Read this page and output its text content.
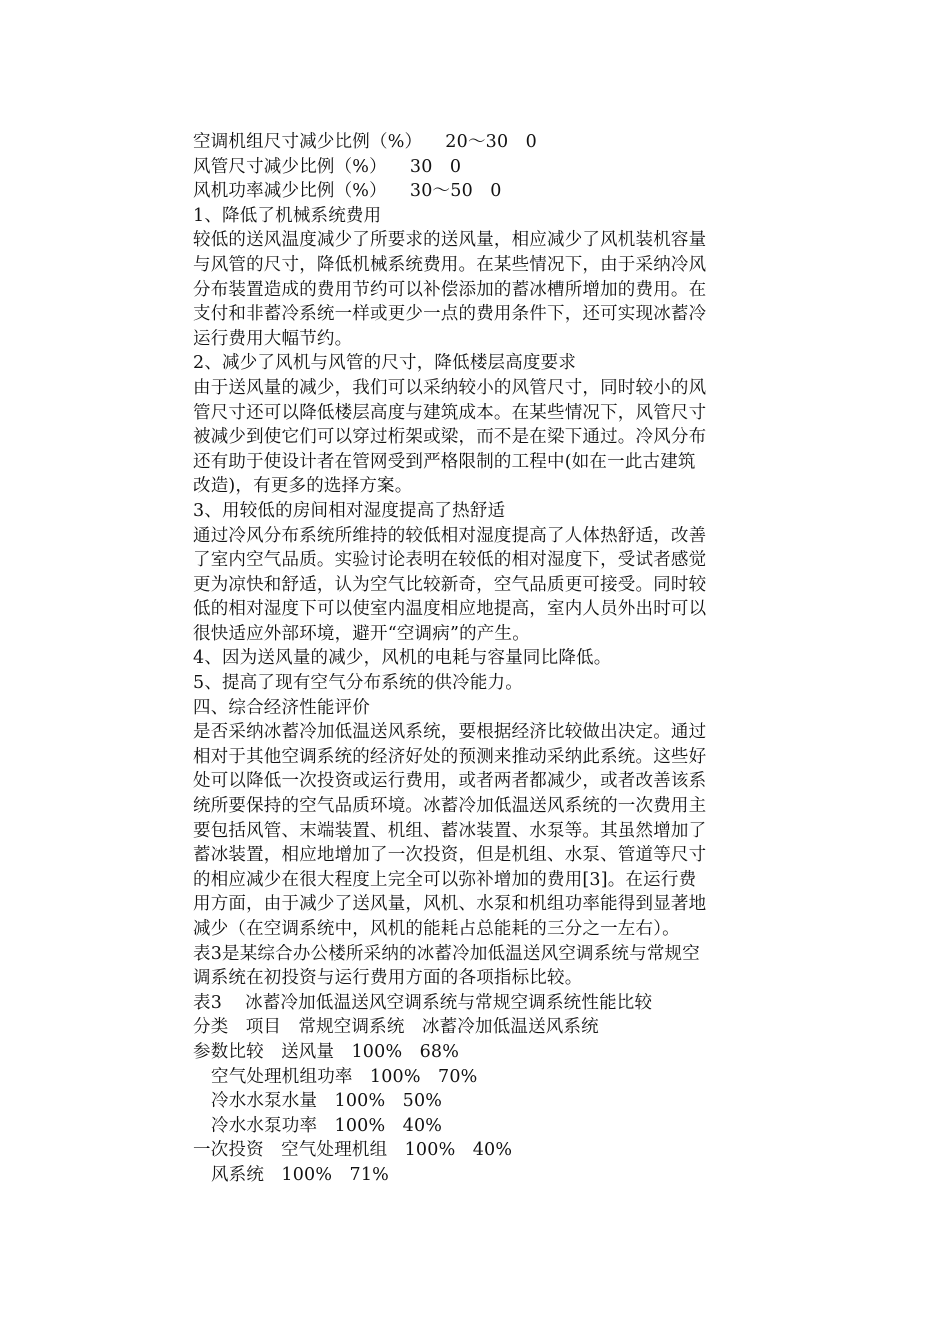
空调机组尺寸减少比例（%）    20～30   0
风管尺寸减少比例（%）    30   0
风机功率减少比例（%）    30～50   0
1、降低了机械系统费用
较低的送风温度减少了所要求的送风量，相应减少了风机装机容量
与风管的尺寸，降低机械系统费用。在某些情况下，由于采纳冷风
分布装置造成的费用节约可以补偿添加的蓄冰槽所增加的费用。在
支付和非蓄冷系统一样或更少一点的费用条件下，还可实现冰蓄冷
运行费用大幅节约。
2、减少了风机与风管的尺寸，降低楼层高度要求
由于送风量的减少，我们可以采纳较小的风管尺寸，同时较小的风
管尺寸还可以降低楼层高度与建筑成本。在某些情况下，风管尺寸
被减少到使它们可以穿过桁架或梁，而不是在梁下通过。冷风分布
还有助于使设计者在管网受到严格限制的工程中(如在一此古建筑
改造)，有更多的选择方案。
3、用较低的房间相对湿度提高了热舒适
通过冷风分布系统所维持的较低相对湿度提高了人体热舒适，改善
了室内空气品质。实验讨论表明在较低的相对湿度下，受试者感觉
更为凉快和舒适，认为空气比较新奇，空气品质更可接受。同时较
低的相对湿度下可以使室内温度相应地提高，室内人员外出时可以
很快适应外部环境，避开“空调病”的产生。
4、因为送风量的减少，风机的电耗与容量同比降低。
5、提高了现有空气分布系统的供冷能力。
四、综合经济性能评价
是否采纳冰蓄冷加低温送风系统，要根据经济比较做出决定。通过
相对于其他空调系统的经济好处的预测来推动采纳此系统。这些好
处可以降低一次投资或运行费用，或者两者都减少，或者改善该系
统所要保持的空气品质环境。冰蓄冷加低温送风系统的一次费用主
要包括风管、末端装置、机组、蓄冰装置、水泵等。其虽然增加了
蓄冰装置，相应地增加了一次投资，但是机组、水泵、管道等尺寸
的相应减少在很大程度上完全可以弥补增加的费用[3]。在运行费
用方面，由于减少了送风量，风机、水泵和机组功率能得到显著地
减少（在空调系统中，风机的能耗占总能耗的三分之一左右）。
表3是某综合办公楼所采纳的冰蓄冷加低温送风空调系统与常规空
调系统在初投资与运行费用方面的各项指标比较。
表3    冰蓄冷加低温送风空调系统与常规空调系统性能比较
分类   项目   常规空调系统   冰蓄冷加低温送风系统
参数比较   送风量   100%   68%
空气处理机组功率   100%   70%
冷水水泵水量   100%   50%
冷水水泵功率   100%   40%
一次投资   空气处理机组   100%   40%
风系统   100%   71%
